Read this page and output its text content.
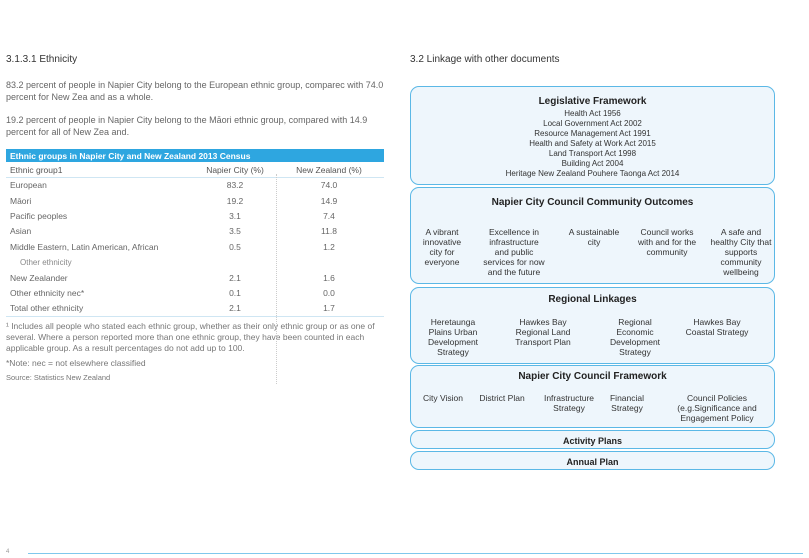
3.1.3.1 Ethnicity

83.2 percent of people in Napier City belong to the European ethnic group, comparec with 74.0 percent for New Zea and as a whole.

19.2 percent of people in Napier City belong to the Māori ethnic group, compared with 14.9 percent for all of New Zea and.

Ethnic groups in Napier City and New Zealand 2013 Census
Ethnic group1	Napier City (%)	New Zealand (%)
European	83.2	74.0
Māori	19.2	14.9
Pacific peoples	3.1	7.4
Asian	3.5	11.8
Middle Eastern, Latin American, African	0.5	1.2
Other ethnicity		
New Zealander	2.1	1.6
Other ethnicity nec*	0.1	0.0
Total other ethnicity	2.1	1.7

¹ Includes all people who stated each ethnic group, whether as their only ethnic group or as one of several. Where a person reported more than one ethnic group, they have been counted in each applicable group. As a result percentages do not add up to 100.

*Note: nec = not elsewhere classified

Source: Statistics New Zealand

3.2 Linkage with other documents
Legislative Framework
Health Act 1956
Local Government Act 2002
Resource Management Act 1991
Health and Safety at Work Act 2015
Land Transport Act 1998
Building Act 2004
Heritage New Zealand Pouhere Taonga Act 2014
Napier City Council Community Outcomes
A vibrant innovative city for everyone
Excellence in infrastructure and public services for now and the future
A sustainable city
Council works with and for the community
A safe and healthy City that supports community wellbeing
Regional Linkages
Heretaunga Plains Urban Development Strategy
Hawkes Bay Regional Land Transport Plan
Regional Economic Development Strategy
Hawkes Bay Coastal Strategy
Napier City Council Framework
City Vision	District Plan	Infrastructure Strategy
Financial Strategy
Council Policies (e.g.Significance and Engagement Policy
Activity Plans
Annual Plan
4
